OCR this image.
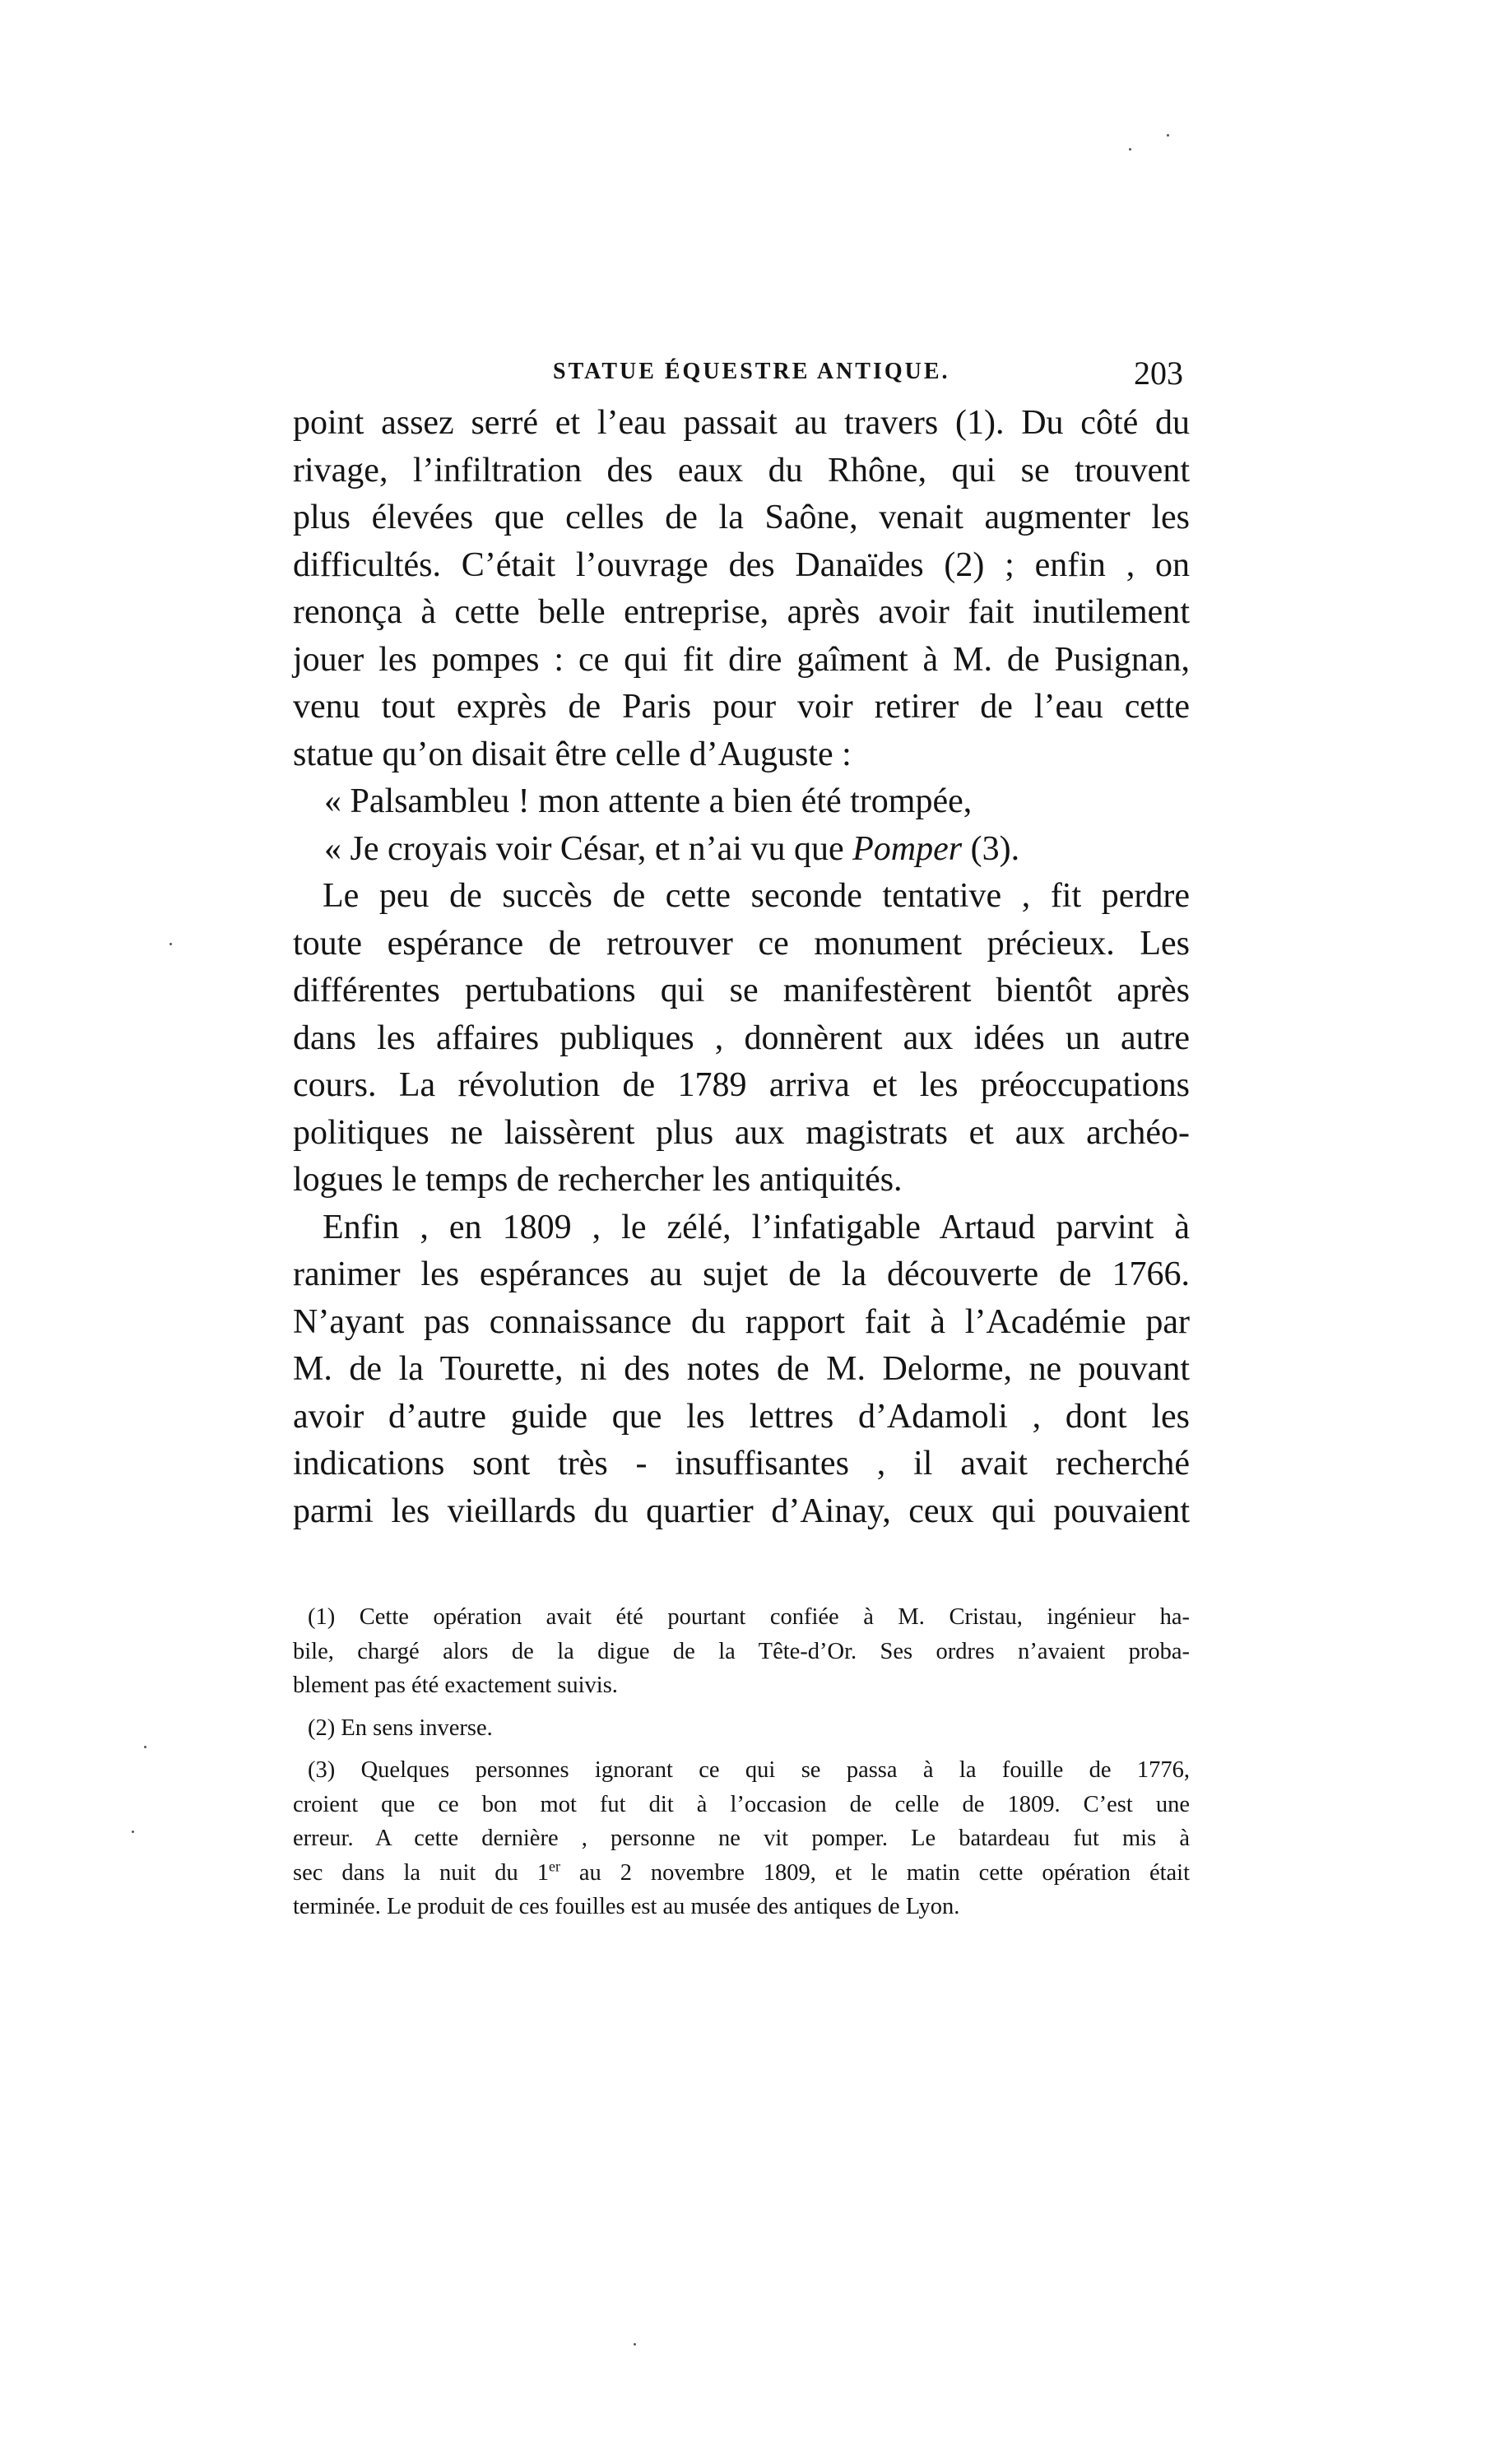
STATUE ÉQUESTRE ANTIQUE.	203
point assez serré et l’eau passait au travers (1). Du côté du
rivage, l’infiltration des eaux du Rhône, qui se trouvent
plus élevées que celles de la Saône, venait augmenter les
difficultés. C’était l’ouvrage des Danaïdes (2) ; enfin , on
renonça à cette belle entreprise, après avoir fait inutilement
jouer les pompes : ce qui fit dire gaîment à M. de Pusignan,
venu tout exprès de Paris pour voir retirer de l’eau cette
statue qu’on disait être celle d’Auguste :
« Palsambleu ! mon attente a bien été trompée,
« Je croyais voir César, et n’ai vu que Pomper (3).
Le peu de succès de cette seconde tentative , fit perdre
toute espérance de retrouver ce monument précieux. Les
différentes pertubations qui se manifestèrent bientôt après
dans les affaires publiques , donnèrent aux idées un autre
cours. La révolution de 1789 arriva et les préoccupations
politiques ne laissèrent plus aux magistrats et aux archéo-
logues le temps de rechercher les antiquités.
Enfin , en 1809 , le zélé, l’infatigable Artaud parvint à
ranimer les espérances au sujet de la découverte de 1766.
N’ayant pas connaissance du rapport fait à l’Académie par
M. de la Tourette, ni des notes de M. Delorme, ne pouvant
avoir d’autre guide que les lettres d’Adamoli , dont les
indications sont très - insuffisantes , il avait recherché
parmi les vieillards du quartier d’Ainay, ceux qui pouvaient
(1) Cette opération avait été pourtant confiée à M. Cristau, ingénieur ha-
bile, chargé alors de la digue de la Tête-d’Or. Ses ordres n’avaient proba-
blement pas été exactement suivis.
(2) En sens inverse.
(3) Quelques personnes ignorant ce qui se passa à la fouille de 1776,
croient que ce bon mot fut dit à l’occasion de celle de 1809. C’est une
erreur. A cette dernière , personne ne vit pomper. Le batardeau fut mis à
sec dans la nuit du 1er au 2 novembre 1809, et le matin cette opération était
terminée. Le produit de ces fouilles est au musée des antiques de Lyon.
